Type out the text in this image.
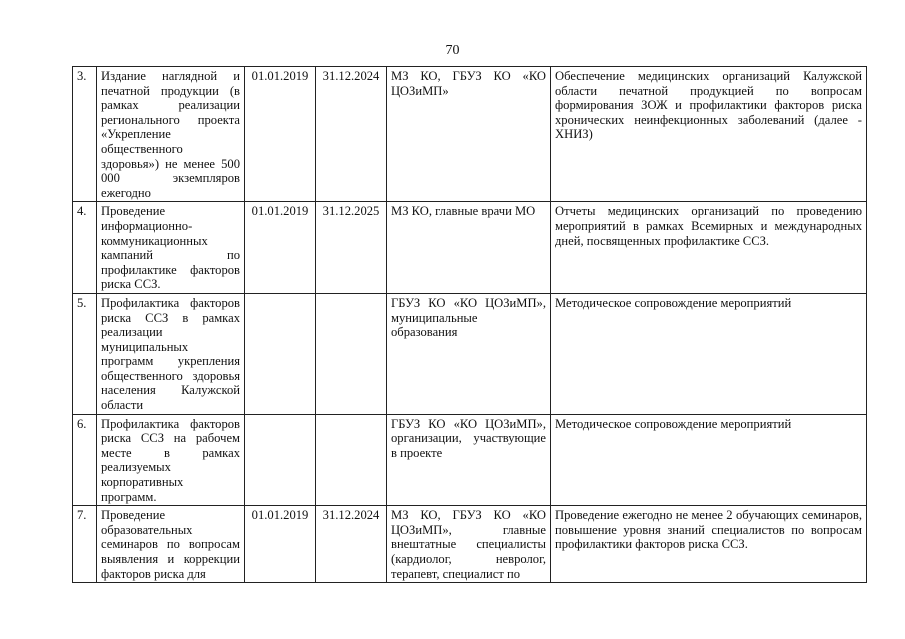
70
3.	Издание наглядной и печатной продукции (в рамках реализации регионального проекта «Укрепление общественного здоровья») не менее 500 000 экземпляров ежегодно	01.01.2019	31.12.2024	МЗ КО, ГБУЗ КО «КО ЦОЗиМП»	Обеспечение медицинских организаций Калужской области печатной продукцией по вопросам формирования ЗОЖ и профилактики факторов риска хронических неинфекционных заболеваний (далее - ХНИЗ)
4.	Проведение информационно-коммуникационных кампаний по профилактике факторов риска ССЗ.	01.01.2019	31.12.2025	МЗ КО, главные врачи МО	Отчеты медицинских организаций по проведению мероприятий в рамках Всемирных и международных дней, посвященных профилактике ССЗ.
5.	Профилактика факторов риска ССЗ в рамках реализации муниципальных программ укрепления общественного здоровья населения Калужской области			ГБУЗ КО «КО ЦОЗиМП», муниципальные образования	Методическое сопровождение мероприятий
6.	Профилактика факторов риска ССЗ на рабочем месте в рамках реализуемых корпоративных программ.			ГБУЗ КО «КО ЦОЗиМП», организации, участвующие в проекте	Методическое сопровождение мероприятий
7.	Проведение образовательных семинаров по вопросам выявления и коррекции факторов риска для	01.01.2019	31.12.2024	МЗ КО, ГБУЗ КО «КО ЦОЗиМП», главные внештатные специалисты (кардиолог, невролог, терапевт, специалист по	Проведение ежегодно не менее 2 обучающих семинаров, повышение уровня знаний специалистов по вопросам профилактики факторов риска ССЗ.
